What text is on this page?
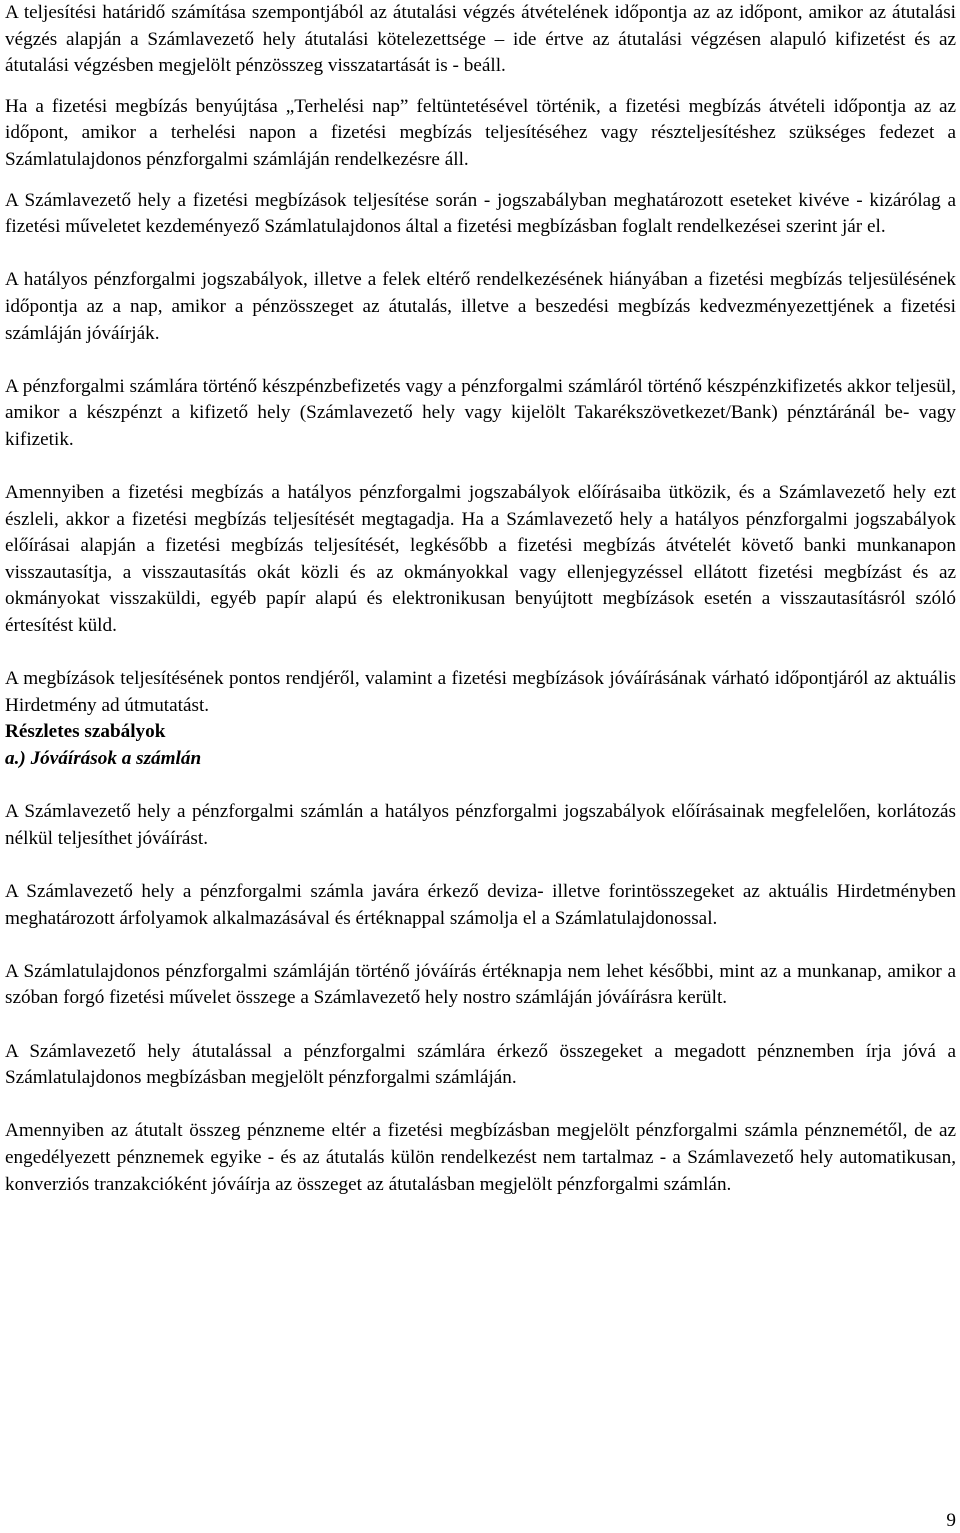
A teljesítési határidő számítása szempontjából az átutalási végzés átvételének időpontja az az időpont, amikor az átutalási végzés alapján a Számlavezető hely átutalási kötelezettsége – ide értve az átutalási végzésen alapuló kifizetést és az átutalási végzésben megjelölt pénzösszeg visszatartását is - beáll.

Ha a fizetési megbízás benyújtása „Terhelési nap” feltüntetésével történik, a fizetési megbízás átvételi időpontja az az időpont, amikor a terhelési napon a fizetési megbízás teljesítéséhez vagy részteljesítéshez szükséges fedezet a Számlatulajdonos pénzforgalmi számláján rendelkezésre áll.

A Számlavezető hely a fizetési megbízások teljesítése során - jogszabályban meghatározott eseteket kivéve - kizárólag a fizetési műveletet kezdeményező Számlatulajdonos által a fizetési megbízásban foglalt rendelkezései szerint jár el.

A hatályos pénzforgalmi jogszabályok, illetve a felek eltérő rendelkezésének hiányában a fizetési megbízás teljesülésének időpontja az a nap, amikor a pénzösszeget az átutalás, illetve a beszedési megbízás kedvezményezettjének a fizetési számláján jóváírják.

A pénzforgalmi számlára történő készpénzbefizetés vagy a pénzforgalmi számláról történő készpénzkifizetés akkor teljesül, amikor a készpénzt a kifizető hely (Számlavezető hely vagy kijelölt Takarékszövetkezet/Bank) pénztáránál be- vagy kifizetik.

Amennyiben a fizetési megbízás a hatályos pénzforgalmi jogszabályok előírásaiba ütközik, és a Számlavezető hely ezt észleli, akkor a fizetési megbízás teljesítését megtagadja. Ha a Számlavezető hely a hatályos pénzforgalmi jogszabályok előírásai alapján a fizetési megbízás teljesítését, legkésőbb a fizetési megbízás átvételét követő banki munkanapon visszautasítja, a visszautasítás okát közli és az okmányokkal vagy ellenjegyzéssel ellátott fizetési megbízást és az okmányokat visszaküldi, egyéb papír alapú és elektronikusan benyújtott megbízások esetén a visszautasításról szóló értesítést küld.

A megbízások teljesítésének pontos rendjéről, valamint a fizetési megbízások jóváírásának várható időpontjáról az aktuális Hirdetmény ad útmutatást.

Részletes szabályok
a.) Jóváírások a számlán

A Számlavezető hely a pénzforgalmi számlán a hatályos pénzforgalmi jogszabályok előírásainak megfelelően, korlátozás nélkül teljesíthet jóváírást.

A Számlavezető hely a pénzforgalmi számla javára érkező deviza- illetve forintösszegeket az aktuális Hirdetményben meghatározott árfolyamok alkalmazásával és értéknappal számolja el a Számlatulajdonossal.

A Számlatulajdonos pénzforgalmi számláján történő jóváírás értéknapja nem lehet későbbi, mint az a munkanap, amikor a szóban forgó fizetési művelet összege a Számlavezető hely nostro számláján jóváírásra került.

A Számlavezető hely átutalással a pénzforgalmi számlára érkező összegeket a megadott pénznemben írja jóvá a Számlatulajdonos megbízásban megjelölt pénzforgalmi számláján.

Amennyiben az átutalt összeg pénzneme eltér a fizetési megbízásban megjelölt pénzforgalmi számla pénznemétől, de az engedélyezett pénznemek egyike - és az átutalás külön rendelkezést nem tartalmaz - a Számlavezető hely automatikusan, konverziós tranzakcióként jóváírja az összeget az átutalásban megjelölt pénzforgalmi számlán.

9
